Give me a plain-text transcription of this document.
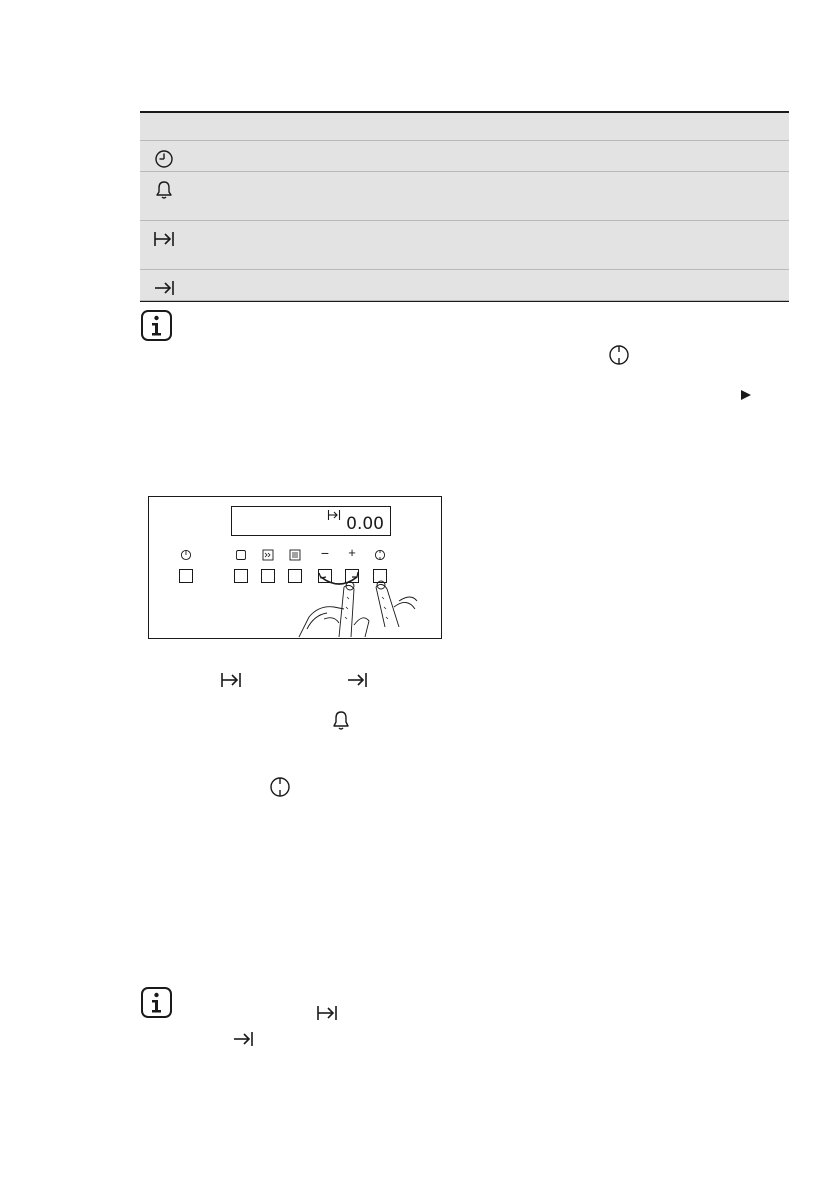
0.00
− +
